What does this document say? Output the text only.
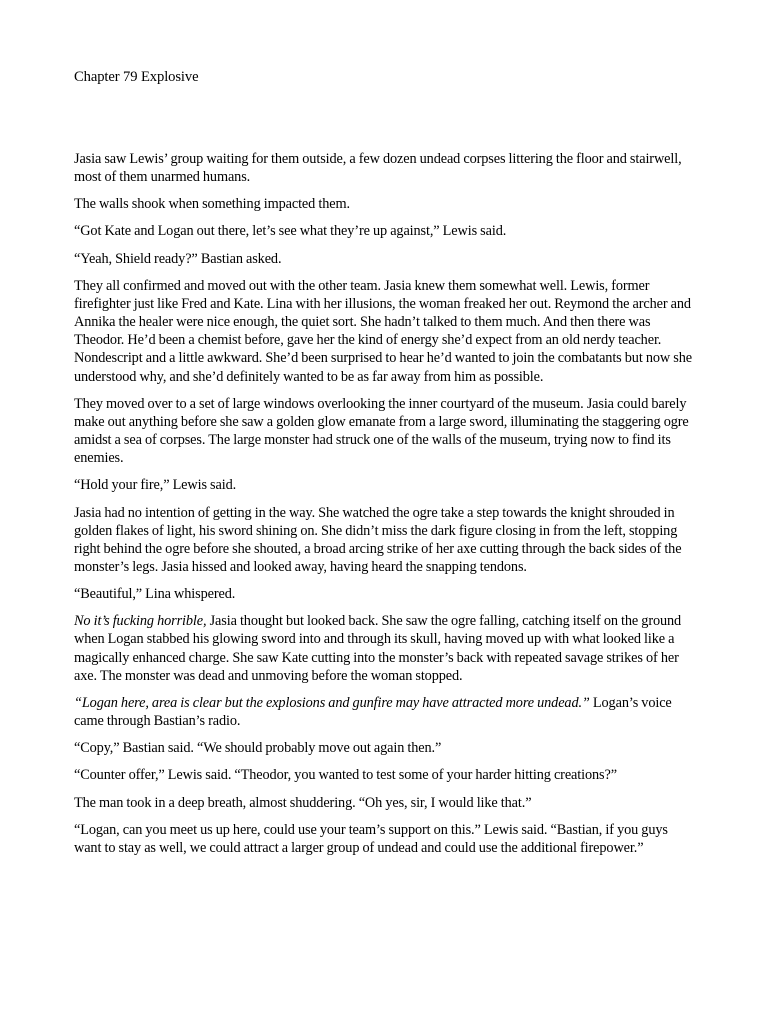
Chapter 79 Explosive

Jasia saw Lewis’ group waiting for them outside, a few dozen undead corpses littering the floor and stairwell, most of them unarmed humans.

The walls shook when something impacted them.

“Got Kate and Logan out there, let’s see what they’re up against,” Lewis said.

“Yeah, Shield ready?” Bastian asked.

They all confirmed and moved out with the other team. Jasia knew them somewhat well. Lewis, former firefighter just like Fred and Kate. Lina with her illusions, the woman freaked her out. Reymond the archer and Annika the healer were nice enough, the quiet sort. She hadn’t talked to them much. And then there was Theodor. He’d been a chemist before, gave her the kind of energy she’d expect from an old nerdy teacher. Nondescript and a little awkward. She’d been surprised to hear he’d wanted to join the combatants but now she understood why, and she’d definitely wanted to be as far away from him as possible.

They moved over to a set of large windows overlooking the inner courtyard of the museum. Jasia could barely make out anything before she saw a golden glow emanate from a large sword, illuminating the staggering ogre amidst a sea of corpses. The large monster had struck one of the walls of the museum, trying now to find its enemies.

“Hold your fire,” Lewis said.

Jasia had no intention of getting in the way. She watched the ogre take a step towards the knight shrouded in golden flakes of light, his sword shining on. She didn’t miss the dark figure closing in from the left, stopping right behind the ogre before she shouted, a broad arcing strike of her axe cutting through the back sides of the monster’s legs. Jasia hissed and looked away, having heard the snapping tendons.

“Beautiful,” Lina whispered.

No it’s fucking horrible, Jasia thought but looked back. She saw the ogre falling, catching itself on the ground when Logan stabbed his glowing sword into and through its skull, having moved up with what looked like a magically enhanced charge. She saw Kate cutting into the monster’s back with repeated savage strikes of her axe. The monster was dead and unmoving before the woman stopped.

“Logan here, area is clear but the explosions and gunfire may have attracted more undead.” Logan’s voice came through Bastian’s radio.

“Copy,” Bastian said. “We should probably move out again then.”

“Counter offer,” Lewis said. “Theodor, you wanted to test some of your harder hitting creations?”

The man took in a deep breath, almost shuddering. “Oh yes, sir, I would like that.”

“Logan, can you meet us up here, could use your team’s support on this.” Lewis said. “Bastian, if you guys want to stay as well, we could attract a larger group of undead and could use the additional firepower.”
